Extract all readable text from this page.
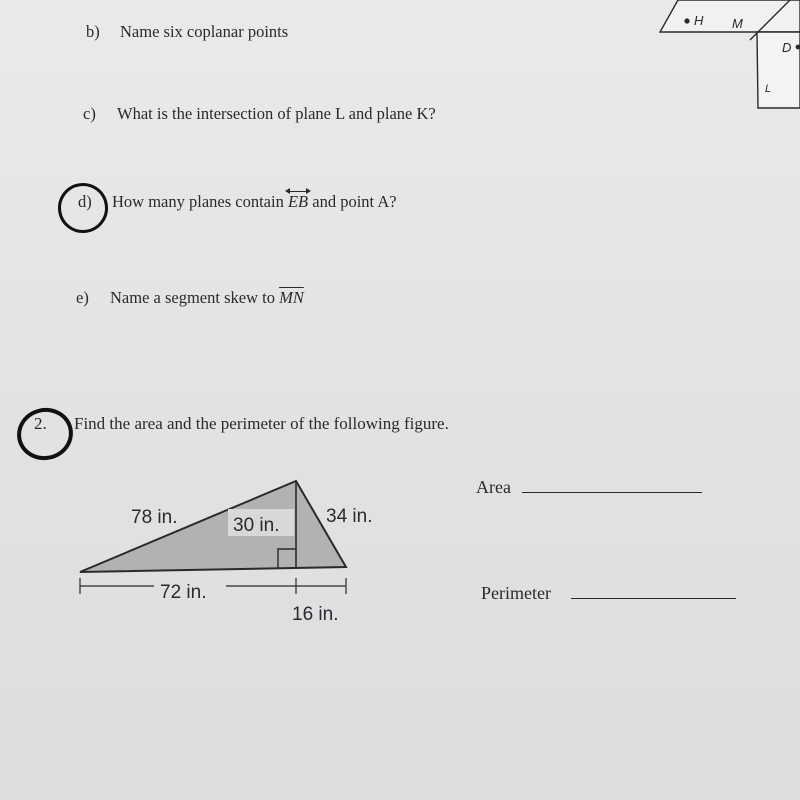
H M
D
L
b) Name six coplanar points
c) What is the intersection of plane L and plane K?
d) How many planes contain EB
and point A?
e) Name a segment skew to $\overline{MN}$
2. Find the area and the perimeter of the following figure.
78 in.	30 in. 34 in.
72 in.
16 in.
Area
Perimeter
